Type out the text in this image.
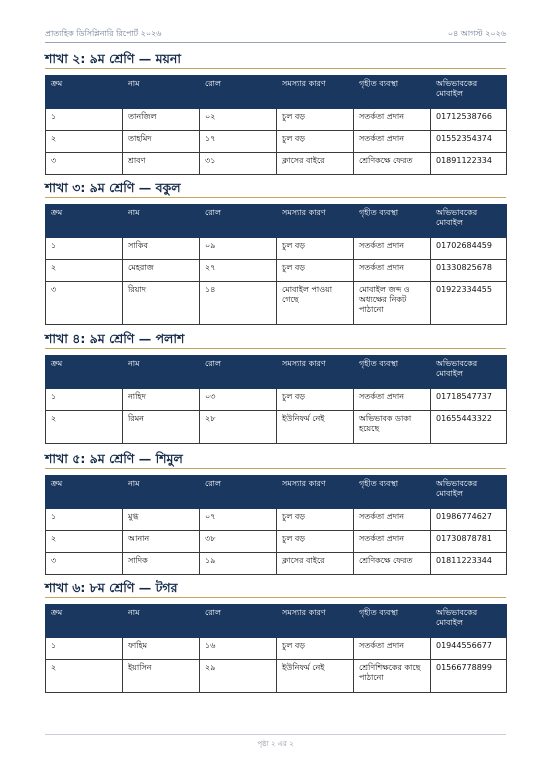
প্রাত্যহিক ডিসিপ্লিনারি রিপোর্ট ২০২৬	০৪ আগস্ট ২০২৬
শাখা ২: ৯ম শ্রেণি — ময়না
ক্রম	নাম	রোল	সমস্যার কারণ	গৃহীত ব্যবস্থা	অভিভাবকের মোবাইল
১	তানজিল	০২	চুল বড়	সতর্কতা প্রদান	01712538766
২	তাহমিদ	১৭	চুল বড়	সতর্কতা প্রদান	01552354374
৩	শ্রাবণ	৩১	ক্লাসের বাইরে	শ্রেণিকক্ষে ফেরত	01891122334
শাখা ৩: ৯ম শ্রেণি — বকুল
ক্রম	নাম	রোল	সমস্যার কারণ	গৃহীত ব্যবস্থা	অভিভাবকের মোবাইল
১	সাকিব	০৯	চুল বড়	সতর্কতা প্রদান	01702684459
২	মেহরাজ	২৭	চুল বড়	সতর্কতা প্রদান	01330825678
৩	রিয়াদ	১৪	মোবাইল পাওয়া গেছে	মোবাইল জব্দ ও অধ্যক্ষের নিকট পাঠানো	01922334455
শাখা ৪: ৯ম শ্রেণি — পলাশ
ক্রম	নাম	রোল	সমস্যার কারণ	গৃহীত ব্যবস্থা	অভিভাবকের মোবাইল
১	নাহিদ	০৩	চুল বড়	সতর্কতা প্রদান	01718547737
২	রিমন	২৮	ইউনিফর্ম নেই	অভিভাবক ডাকা হয়েছে	01655443322
শাখা ৫: ৯ম শ্রেণি — শিমুল
ক্রম	নাম	রোল	সমস্যার কারণ	গৃহীত ব্যবস্থা	অভিভাবকের মোবাইল
১	মুগ্ধ	০৭	চুল বড়	সতর্কতা প্রদান	01986774627
২	আনান	৩৮	চুল বড়	সতর্কতা প্রদান	01730878781
৩	সাদিক	১৯	ক্লাসের বাইরে	শ্রেণিকক্ষে ফেরত	01811223344
শাখা ৬: ৮ম শ্রেণি — টগর
ক্রম	নাম	রোল	সমস্যার কারণ	গৃহীত ব্যবস্থা	অভিভাবকের মোবাইল
১	ফাহিম	১৬	চুল বড়	সতর্কতা প্রদান	01944556677
২	ইয়াসিন	২৯	ইউনিফর্ম নেই	শ্রেণিশিক্ষকের কাছে পাঠানো	01566778899
পৃষ্ঠা ২ এর ২
